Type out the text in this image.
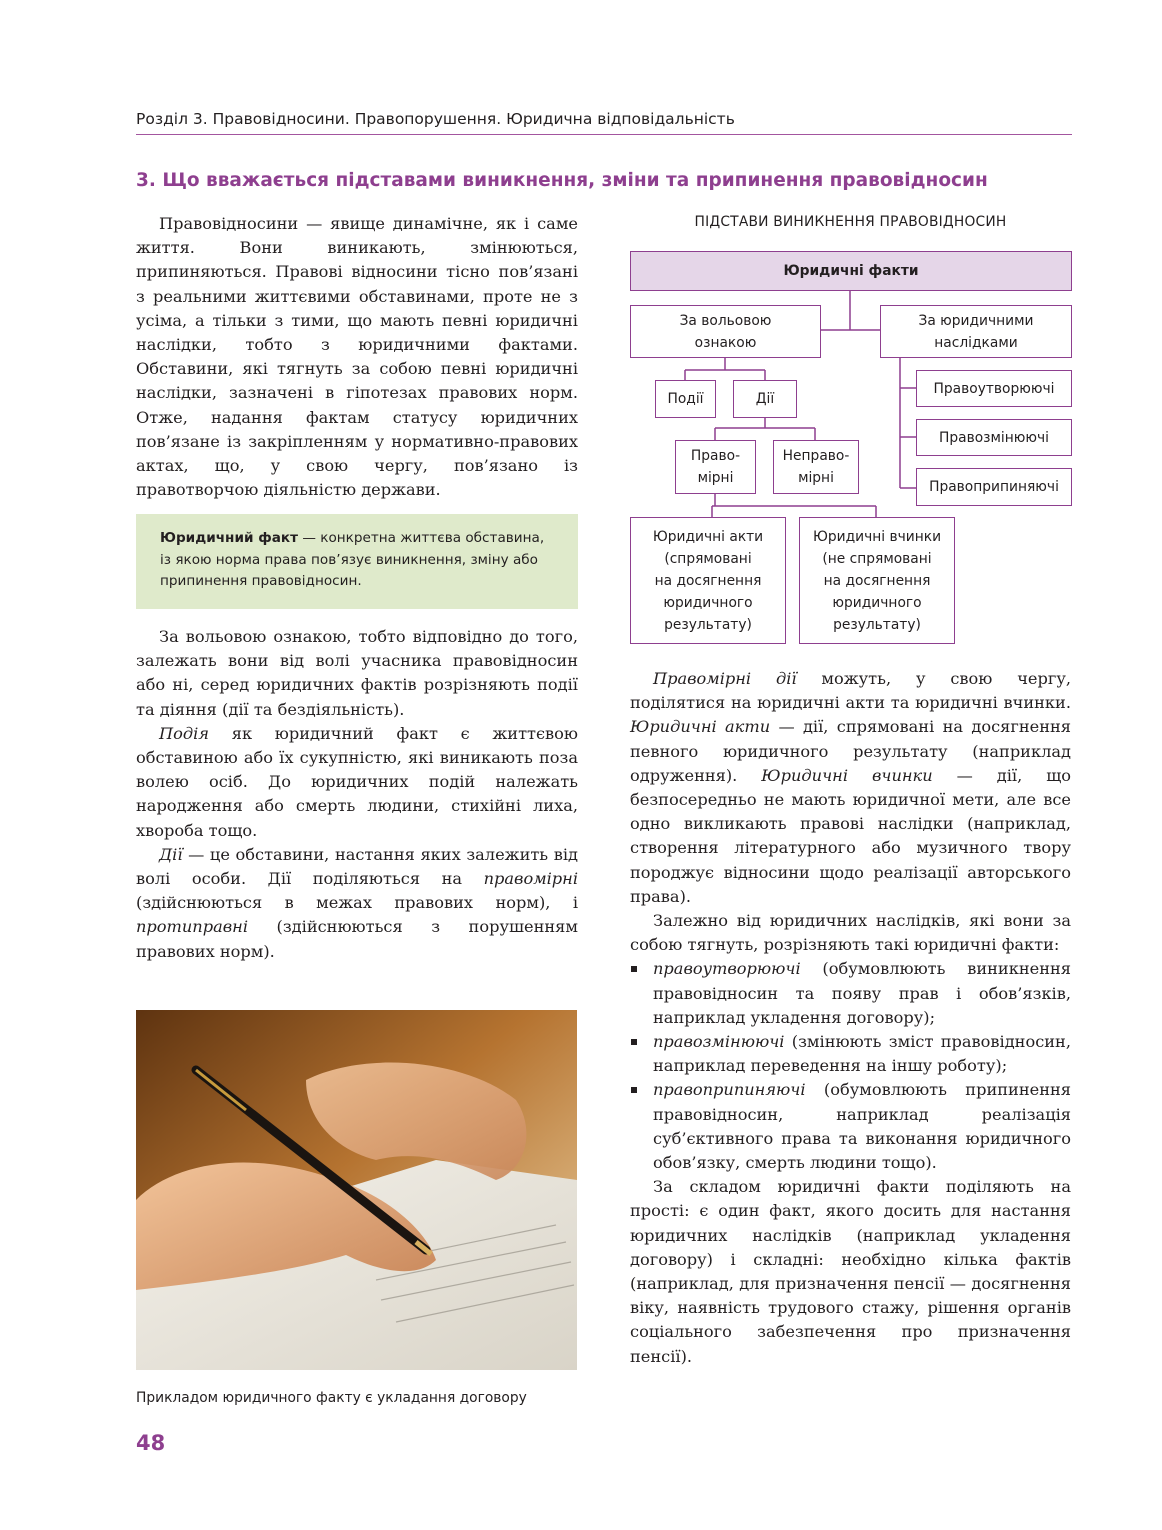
Розділ 3. Правовідносини. Правопорушення. Юридична відповідальність
3. Що вважається підставами виникнення, зміни та припинення правовідносин

Правовідносини — явище динамічне, як і саме життя. Вони виникають, змінюються, припиняються. Правові відносини тісно пов’язані з реальними життєвими обставинами, проте не з усіма, а тільки з тими, що мають певні юридичні наслідки, тобто з юридичними фактами. Обставини, які тягнуть за собою певні юридичні наслідки, зазначені в гіпотезах правових норм. Отже, надання фактам статусу юридичних пов’язане із закріпленням у нормативно-правових актах, що, у свою чергу, пов’язано із правотворчою діяльністю держави.

Юридичний факт — конкретна життєва обставина, із якою норма права пов’язує виникнення, зміну або припинення правовідносин.

За вольовою ознакою, тобто відповідно до того, залежать вони від волі учасника правовідносин або ні, серед юридичних фактів розрізняють події та діяння (дії та бездіяльність).

Подія як юридичний факт є життєвою обставиною або їх сукупністю, які виникають поза волею осіб. До юридичних подій належать народження або смерть людини, стихійні лиха, хвороба тощо.

Дії — це обставини, настання яких залежить від волі особи. Дії поділяються на правомірні (здійснюються в межах правових норм), і протиправні (здійснюються з порушенням правових норм).

ПІДСТАВИ ВИНИКНЕННЯ ПРАВОВІДНОСИН
Юридичні факти
За вольовою
ознакою
За юридичними
наслідками
Події	Дії
Право-
мірні
Неправо-
мірні
Правоутворюючі
Правозмінюючі
Правоприпиняючі
Юридичні акти
(спрямовані
на досягнення
юридичного
результату)
Юридичні вчинки
(не спрямовані
на досягнення
юридичного
результату)

Правомірні дії можуть, у свою чергу, поділятися на юридичні акти та юридичні вчинки. Юридичні акти — дії, спрямовані на досягнення певного юридичного результату (наприклад одруження). Юридичні вчинки — дії, що безпосередньо не мають юридичної мети, але все одно викликають правові наслідки (наприклад, створення літературного або музичного твору породжує відносини щодо реалізації авторського права).

Залежно від юридичних наслідків, які вони за собою тягнуть, розрізняють такі юридичні факти:

правоутворюючі (обумовлюють виникнення правовідносин та появу прав і обов’язків, наприклад укладення договору);
правозмінюючі (змінюють зміст правовідносин, наприклад переведення на іншу роботу);
правоприпиняючі (обумовлюють припинення правовідносин, наприклад реалізація суб’єктивного права та виконання юридичного обов’язку, смерть людини тощо).

За складом юридичні факти поділяють на прості: є один факт, якого досить для настання юридичних наслідків (наприклад укладення договору) і складні: необхідно кілька фактів (наприклад, для призначення пенсії — досягнення віку, наявність трудового стажу, рішення органів соціального забезпечення про призначення пенсії).

Прикладом юридичного факту є укладання договору
48
